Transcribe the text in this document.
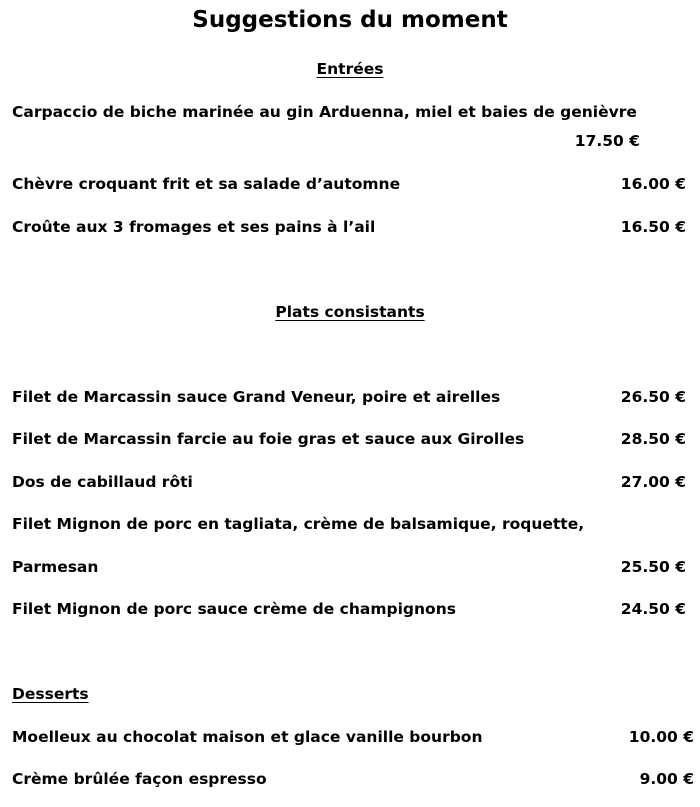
Suggestions du moment
Entrées
Carpaccio de biche marinée au gin Arduenna, miel et baies de genièvre
17.50 €
Chèvre croquant frit et sa salade d’automne	16.00 €
Croûte aux 3 fromages et ses pains à l’ail	16.50 €
Plats consistants
Filet de Marcassin sauce Grand Veneur, poire et airelles	26.50 €
Filet de Marcassin farcie au foie gras et sauce aux Girolles	28.50 €
Dos de cabillaud rôti	27.00 €
Filet Mignon de porc en tagliata, crème de balsamique, roquette,
Parmesan	25.50 €
Filet Mignon de porc sauce crème de champignons	24.50 €
Desserts
Moelleux au chocolat maison et glace vanille bourbon	10.00 €
Crème brûlée façon espresso	9.00 €
